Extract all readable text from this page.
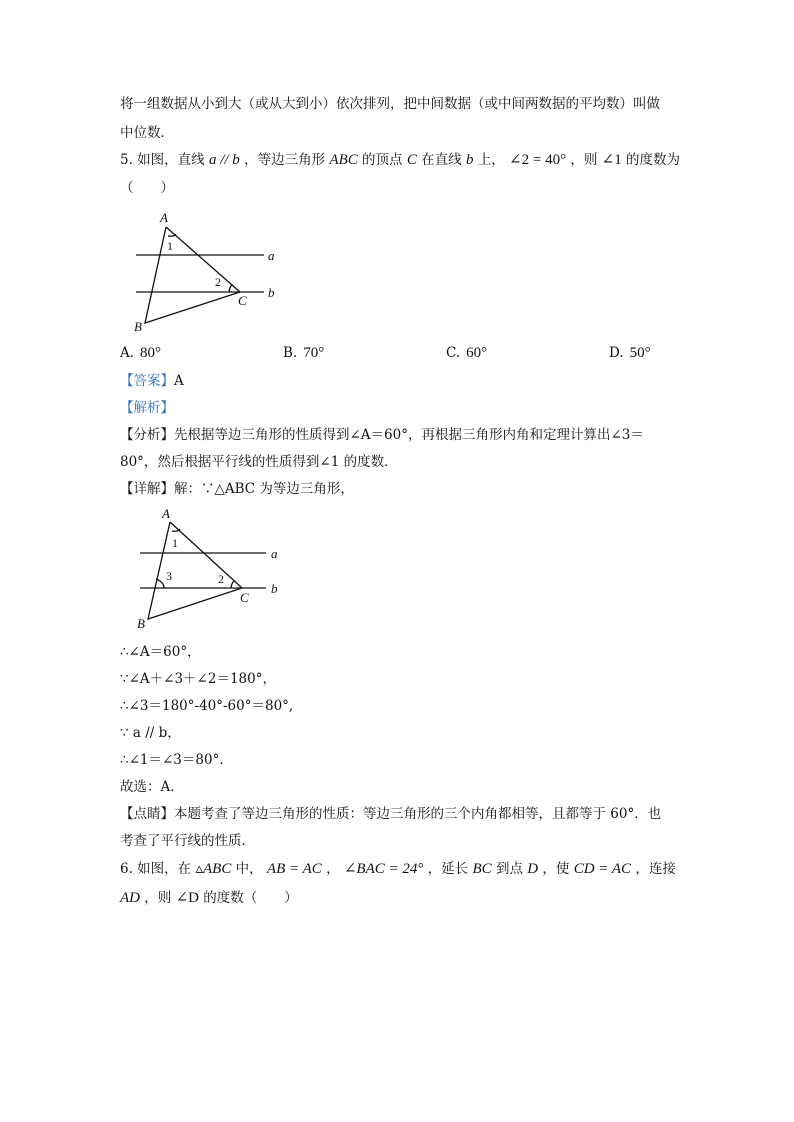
将一组数据从小到大（或从大到小）依次排列，把中间数据（或中间两数据的平均数）叫做
中位数．
5. 如图，直线 a // b ，等边三角形 ABC 的顶点 C 在直线 b 上， ∠2 = 40° ，则 ∠1 的度数为
（　　）
A
B
C
a
b
1
2
A. 80°	B. 70°	C. 60°	D. 50°
【答案】A
【解析】
【分析】先根据等边三角形的性质得到∠A＝60°，再根据三角形内角和定理计算出∠3＝
80°，然后根据平行线的性质得到∠1 的度数．
【详解】解：∵△ABC 为等边三角形，
A
B
C
a
b
1
2
3
∴∠A＝60°，
∵∠A＋∠3＋∠2＝180°，
∴∠3＝180°-40°-60°＝80°,
∵ a // b，
∴∠1＝∠3＝80°．
故选：A．
【点睛】本题考查了等边三角形的性质：等边三角形的三个内角都相等，且都等于 60°．也
考查了平行线的性质．
6. 如图，在 ▵ABC 中， AB = AC ， ∠BAC = 24° ，延长 BC 到点 D ，使 CD = AC ，连接
AD ，则 ∠D 的度数（　　）
